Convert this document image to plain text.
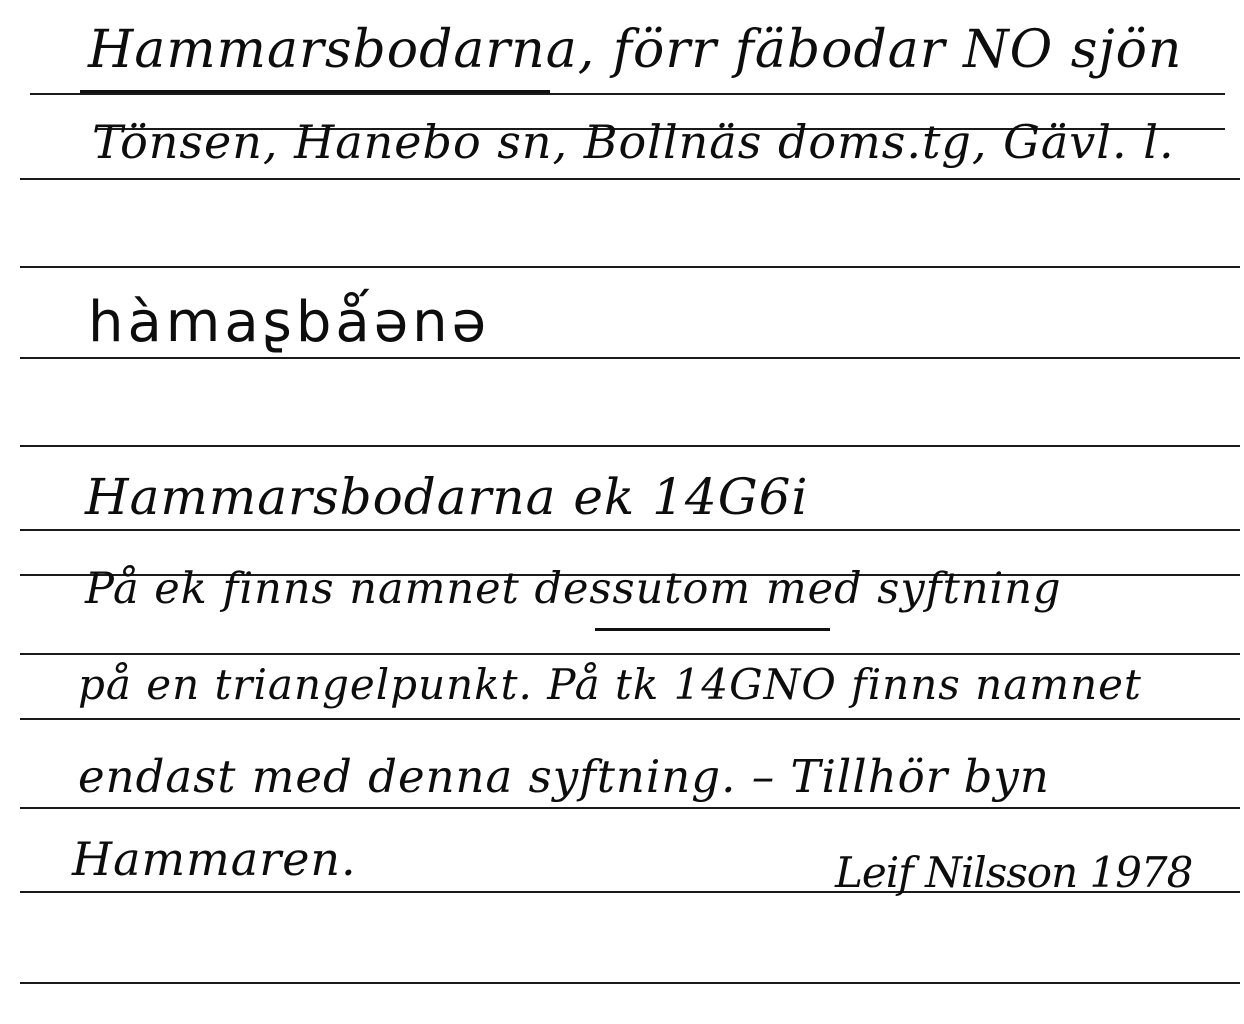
Hammarsbodarna, förr fäbodar NO sjön
Tönsen, Hanebo sn, Bollnäs doms.tg, Gävl. l.
hàmaʂbǻənə
Hammarsbodarna ek 14G6i
På ek finns namnet dessutom med syftning
på en triangelpunkt. På tk 14GNO finns namnet
endast med denna syftning. – Tillhör byn
Hammaren.	Leif Nilsson 1978
